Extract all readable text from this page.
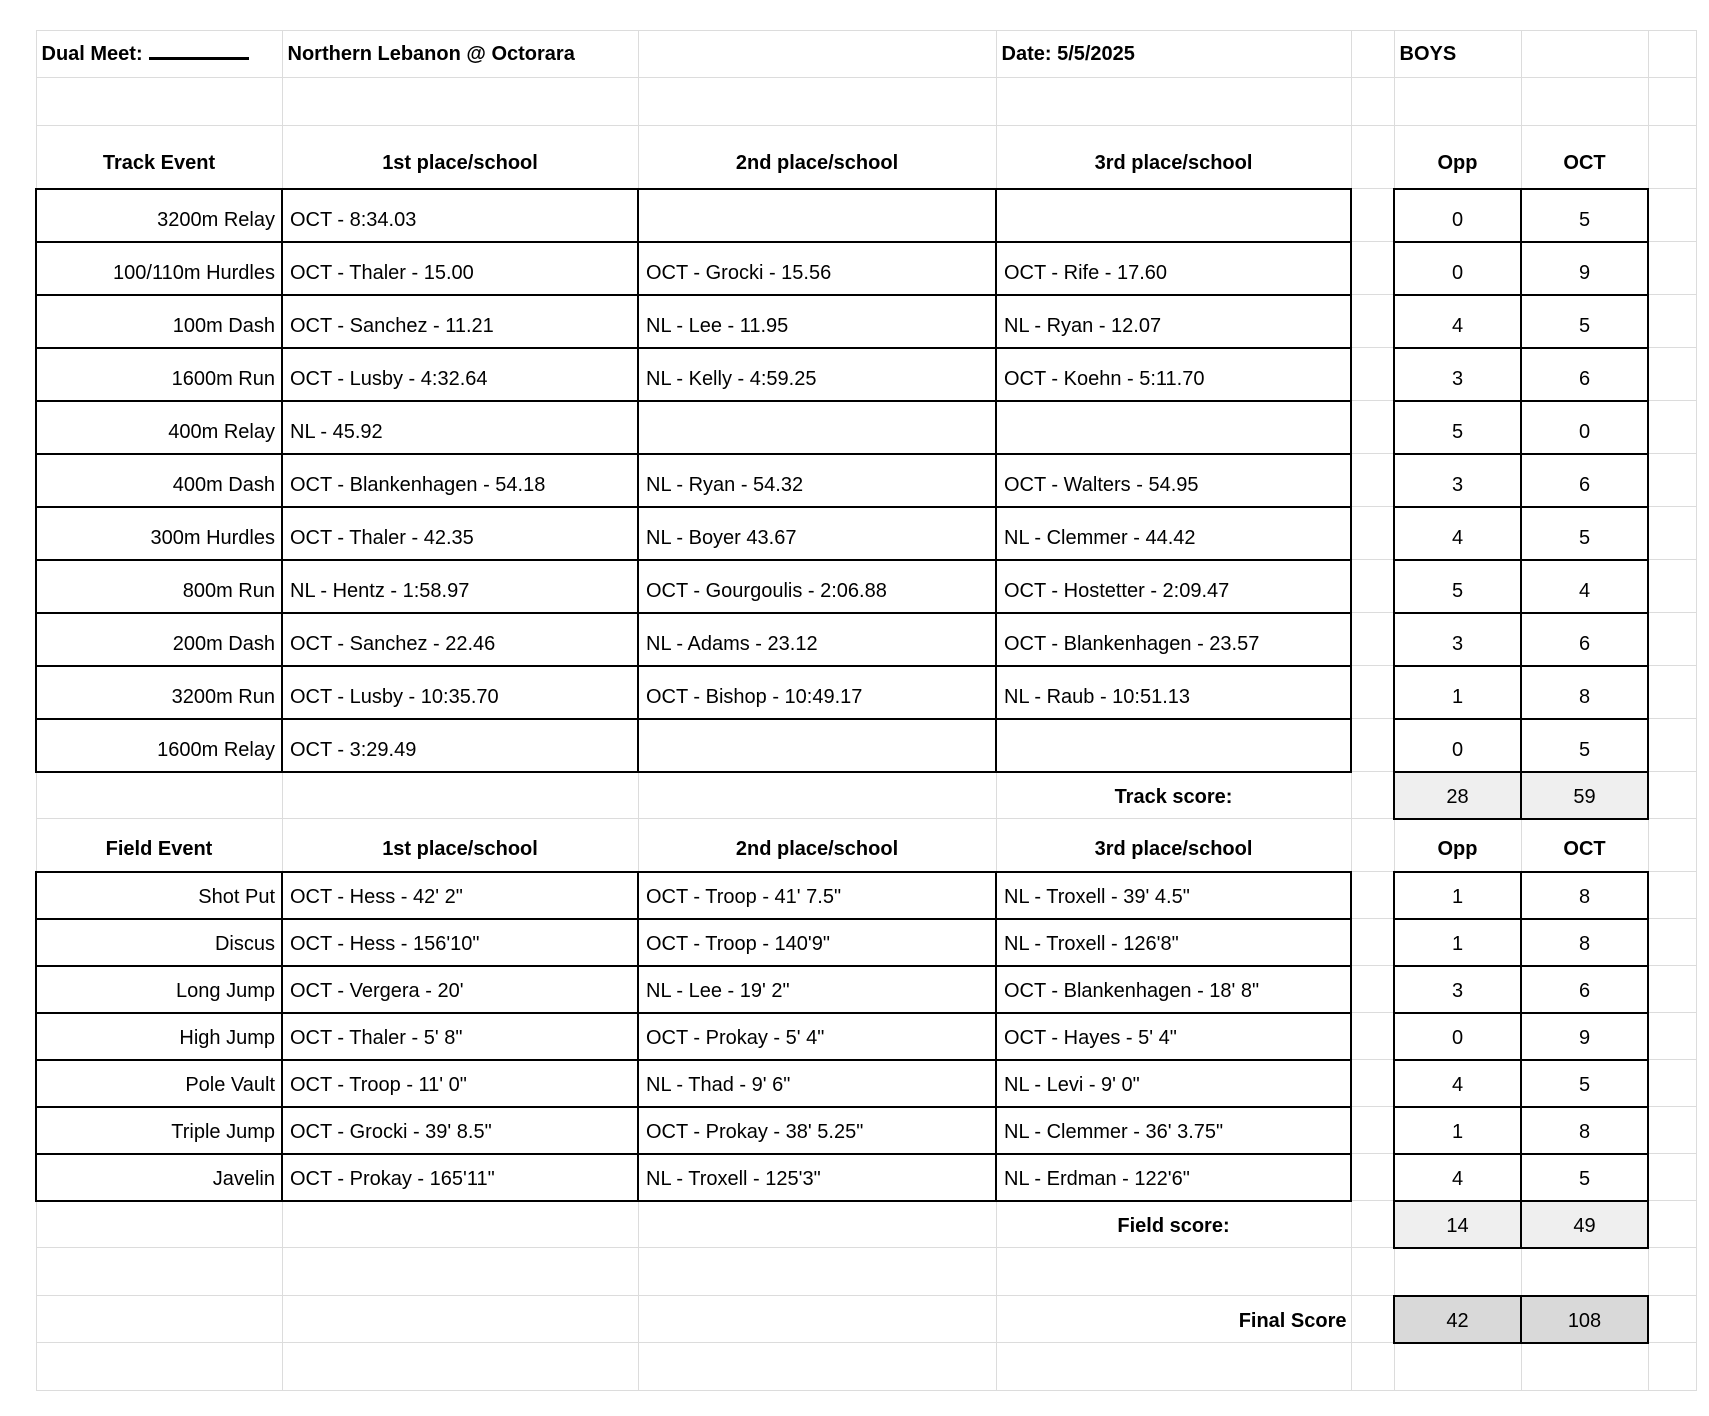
Dual Meet:	Northern Lebanon @ Octorara		Date: 5/5/2025		BOYS		

Track Event	1st place/school	2nd place/school	3rd place/school		Opp	OCT	
3200m Relay	OCT - 8:34.03				0	5	
100/110m Hurdles	OCT - Thaler - 15.00	OCT - Grocki - 15.56	OCT - Rife - 17.60		0	9	
100m Dash	OCT - Sanchez - 11.21	NL - Lee - 11.95	NL - Ryan - 12.07		4	5	
1600m Run	OCT - Lusby - 4:32.64	NL - Kelly - 4:59.25	OCT - Koehn - 5:11.70		3	6	
400m Relay	NL - 45.92				5	0	
400m Dash	OCT - Blankenhagen - 54.18	NL - Ryan - 54.32	OCT - Walters - 54.95		3	6	
300m Hurdles	OCT - Thaler - 42.35	NL - Boyer 43.67	NL - Clemmer - 44.42		4	5	
800m Run	NL - Hentz - 1:58.97	OCT - Gourgoulis - 2:06.88	OCT - Hostetter - 2:09.47		5	4	
200m Dash	OCT - Sanchez - 22.46	NL - Adams - 23.12	OCT - Blankenhagen - 23.57		3	6	
3200m Run	OCT - Lusby - 10:35.70	OCT - Bishop - 10:49.17	NL - Raub - 10:51.13		1	8	
1600m Relay	OCT - 3:29.49				0	5	
			Track score:		28	59	
Field Event	1st place/school	2nd place/school	3rd place/school		Opp	OCT	
Shot Put	OCT - Hess - 42' 2"	OCT - Troop - 41' 7.5"	NL - Troxell - 39' 4.5"		1	8	
Discus	OCT - Hess - 156'10"	OCT - Troop - 140'9"	NL - Troxell - 126'8"		1	8	
Long Jump	OCT - Vergera - 20'	NL - Lee - 19' 2"	OCT - Blankenhagen - 18' 8"		3	6	
High Jump	OCT - Thaler - 5' 8"	OCT - Prokay - 5' 4"	OCT - Hayes - 5' 4"		0	9	
Pole Vault	OCT - Troop - 11' 0"	NL - Thad - 9' 6"	NL - Levi - 9' 0"		4	5	
Triple Jump	OCT - Grocki - 39' 8.5"	OCT - Prokay - 38' 5.25"	NL - Clemmer - 36' 3.75"		1	8	
Javelin	OCT - Prokay - 165'11"	NL - Troxell - 125'3"	NL - Erdman - 122'6"		4	5	
			Field score:		14	49	

			Final Score		42	108	
